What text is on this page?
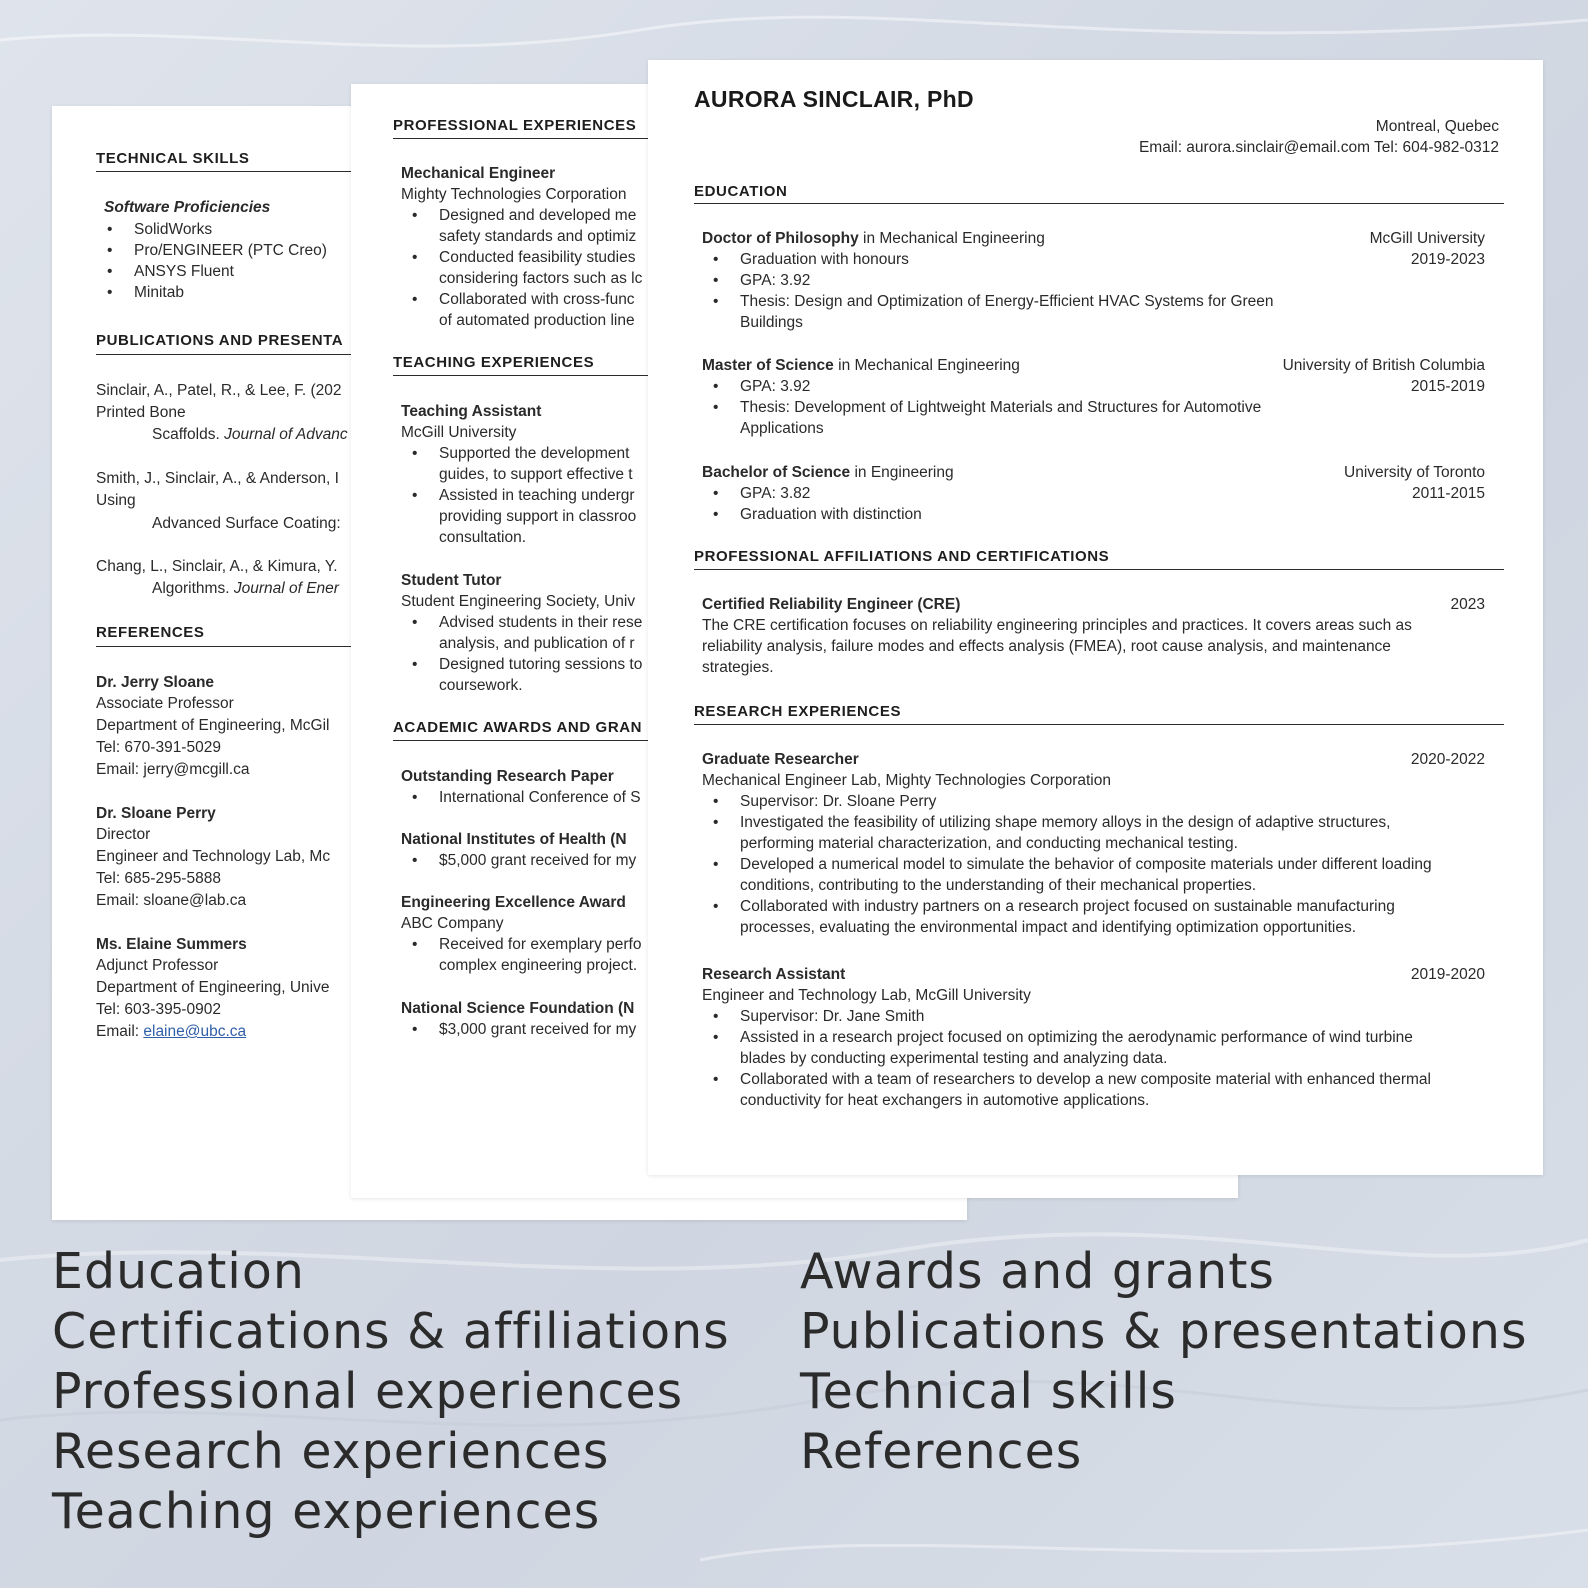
TECHNICAL SKILLS
Software Proficiencies
• SolidWorks
• Pro/ENGINEER (PTC Creo)
• ANSYS Fluent
• Minitab
PUBLICATIONS AND PRESENTA
Sinclair, A., Patel, R., & Lee, F. (202
Printed Bone
Scaffolds. Journal of Advanc
Smith, J., Sinclair, A., & Anderson, I
Using
Advanced Surface Coating:
Chang, L., Sinclair, A., & Kimura, Y.
Algorithms. Journal of Ener
REFERENCES
Dr. Jerry Sloane
Associate Professor
Department of Engineering, McGil
Tel: 670-391-5029
Email: jerry@mcgill.ca
Dr. Sloane Perry
Director
Engineer and Technology Lab, Mc
Tel: 685-295-5888
Email: sloane@lab.ca
Ms. Elaine Summers
Adjunct Professor
Department of Engineering, Unive
Tel: 603-395-0902
Email: elaine@ubc.ca
PROFESSIONAL EXPERIENCES
Mechanical Engineer
Mighty Technologies Corporation
• Designed and developed me
safety standards and optimiz
• Conducted feasibility studies
considering factors such as lc
• Collaborated with cross-func
of automated production line
TEACHING EXPERIENCES
Teaching Assistant
McGill University
• Supported the development
guides, to support effective t
• Assisted in teaching undergr
providing support in classroo
consultation.
Student Tutor
Student Engineering Society, Univ
• Advised students in their rese
analysis, and publication of r
• Designed tutoring sessions to
coursework.
ACADEMIC AWARDS AND GRAN
Outstanding Research Paper
• International Conference of S
National Institutes of Health (N
• $5,000 grant received for my
Engineering Excellence Award
ABC Company
• Received for exemplary perfo
complex engineering project.
National Science Foundation (N
• $3,000 grant received for my
AURORA SINCLAIR, PhD
Montreal, Quebec
Email: aurora.sinclair@email.com Tel: 604-982-0312
EDUCATION
Doctor of Philosophy in Mechanical Engineering	McGill University
2019-2023
• Graduation with honours
• GPA: 3.92
• Thesis: Design and Optimization of Energy-Efficient HVAC Systems for Green
Buildings
Master of Science in Mechanical Engineering	University of British Columbia
2015-2019
• GPA: 3.92
• Thesis: Development of Lightweight Materials and Structures for Automotive
Applications
Bachelor of Science in Engineering	University of Toronto
2011-2015
• GPA: 3.82
• Graduation with distinction
PROFESSIONAL AFFILIATIONS AND CERTIFICATIONS
Certified Reliability Engineer (CRE)	2023
The CRE certification focuses on reliability engineering principles and practices. It covers areas such as
reliability analysis, failure modes and effects analysis (FMEA), root cause analysis, and maintenance
strategies.
RESEARCH EXPERIENCES
Graduate Researcher	2020-2022
Mechanical Engineer Lab, Mighty Technologies Corporation
• Supervisor: Dr. Sloane Perry
• Investigated the feasibility of utilizing shape memory alloys in the design of adaptive structures,
performing material characterization, and conducting mechanical testing.
• Developed a numerical model to simulate the behavior of composite materials under different loading
conditions, contributing to the understanding of their mechanical properties.
• Collaborated with industry partners on a research project focused on sustainable manufacturing
processes, evaluating the environmental impact and identifying optimization opportunities.
Research Assistant	2019-2020
Engineer and Technology Lab, McGill University
• Supervisor: Dr. Jane Smith
• Assisted in a research project focused on optimizing the aerodynamic performance of wind turbine
blades by conducting experimental testing and analyzing data.
• Collaborated with a team of researchers to develop a new composite material with enhanced thermal
conductivity for heat exchangers in automotive applications.
Education
Certifications & affiliations
Professional experiences
Research experiences
Teaching experiences
Awards and grants
Publications & presentations
Technical skills
References
